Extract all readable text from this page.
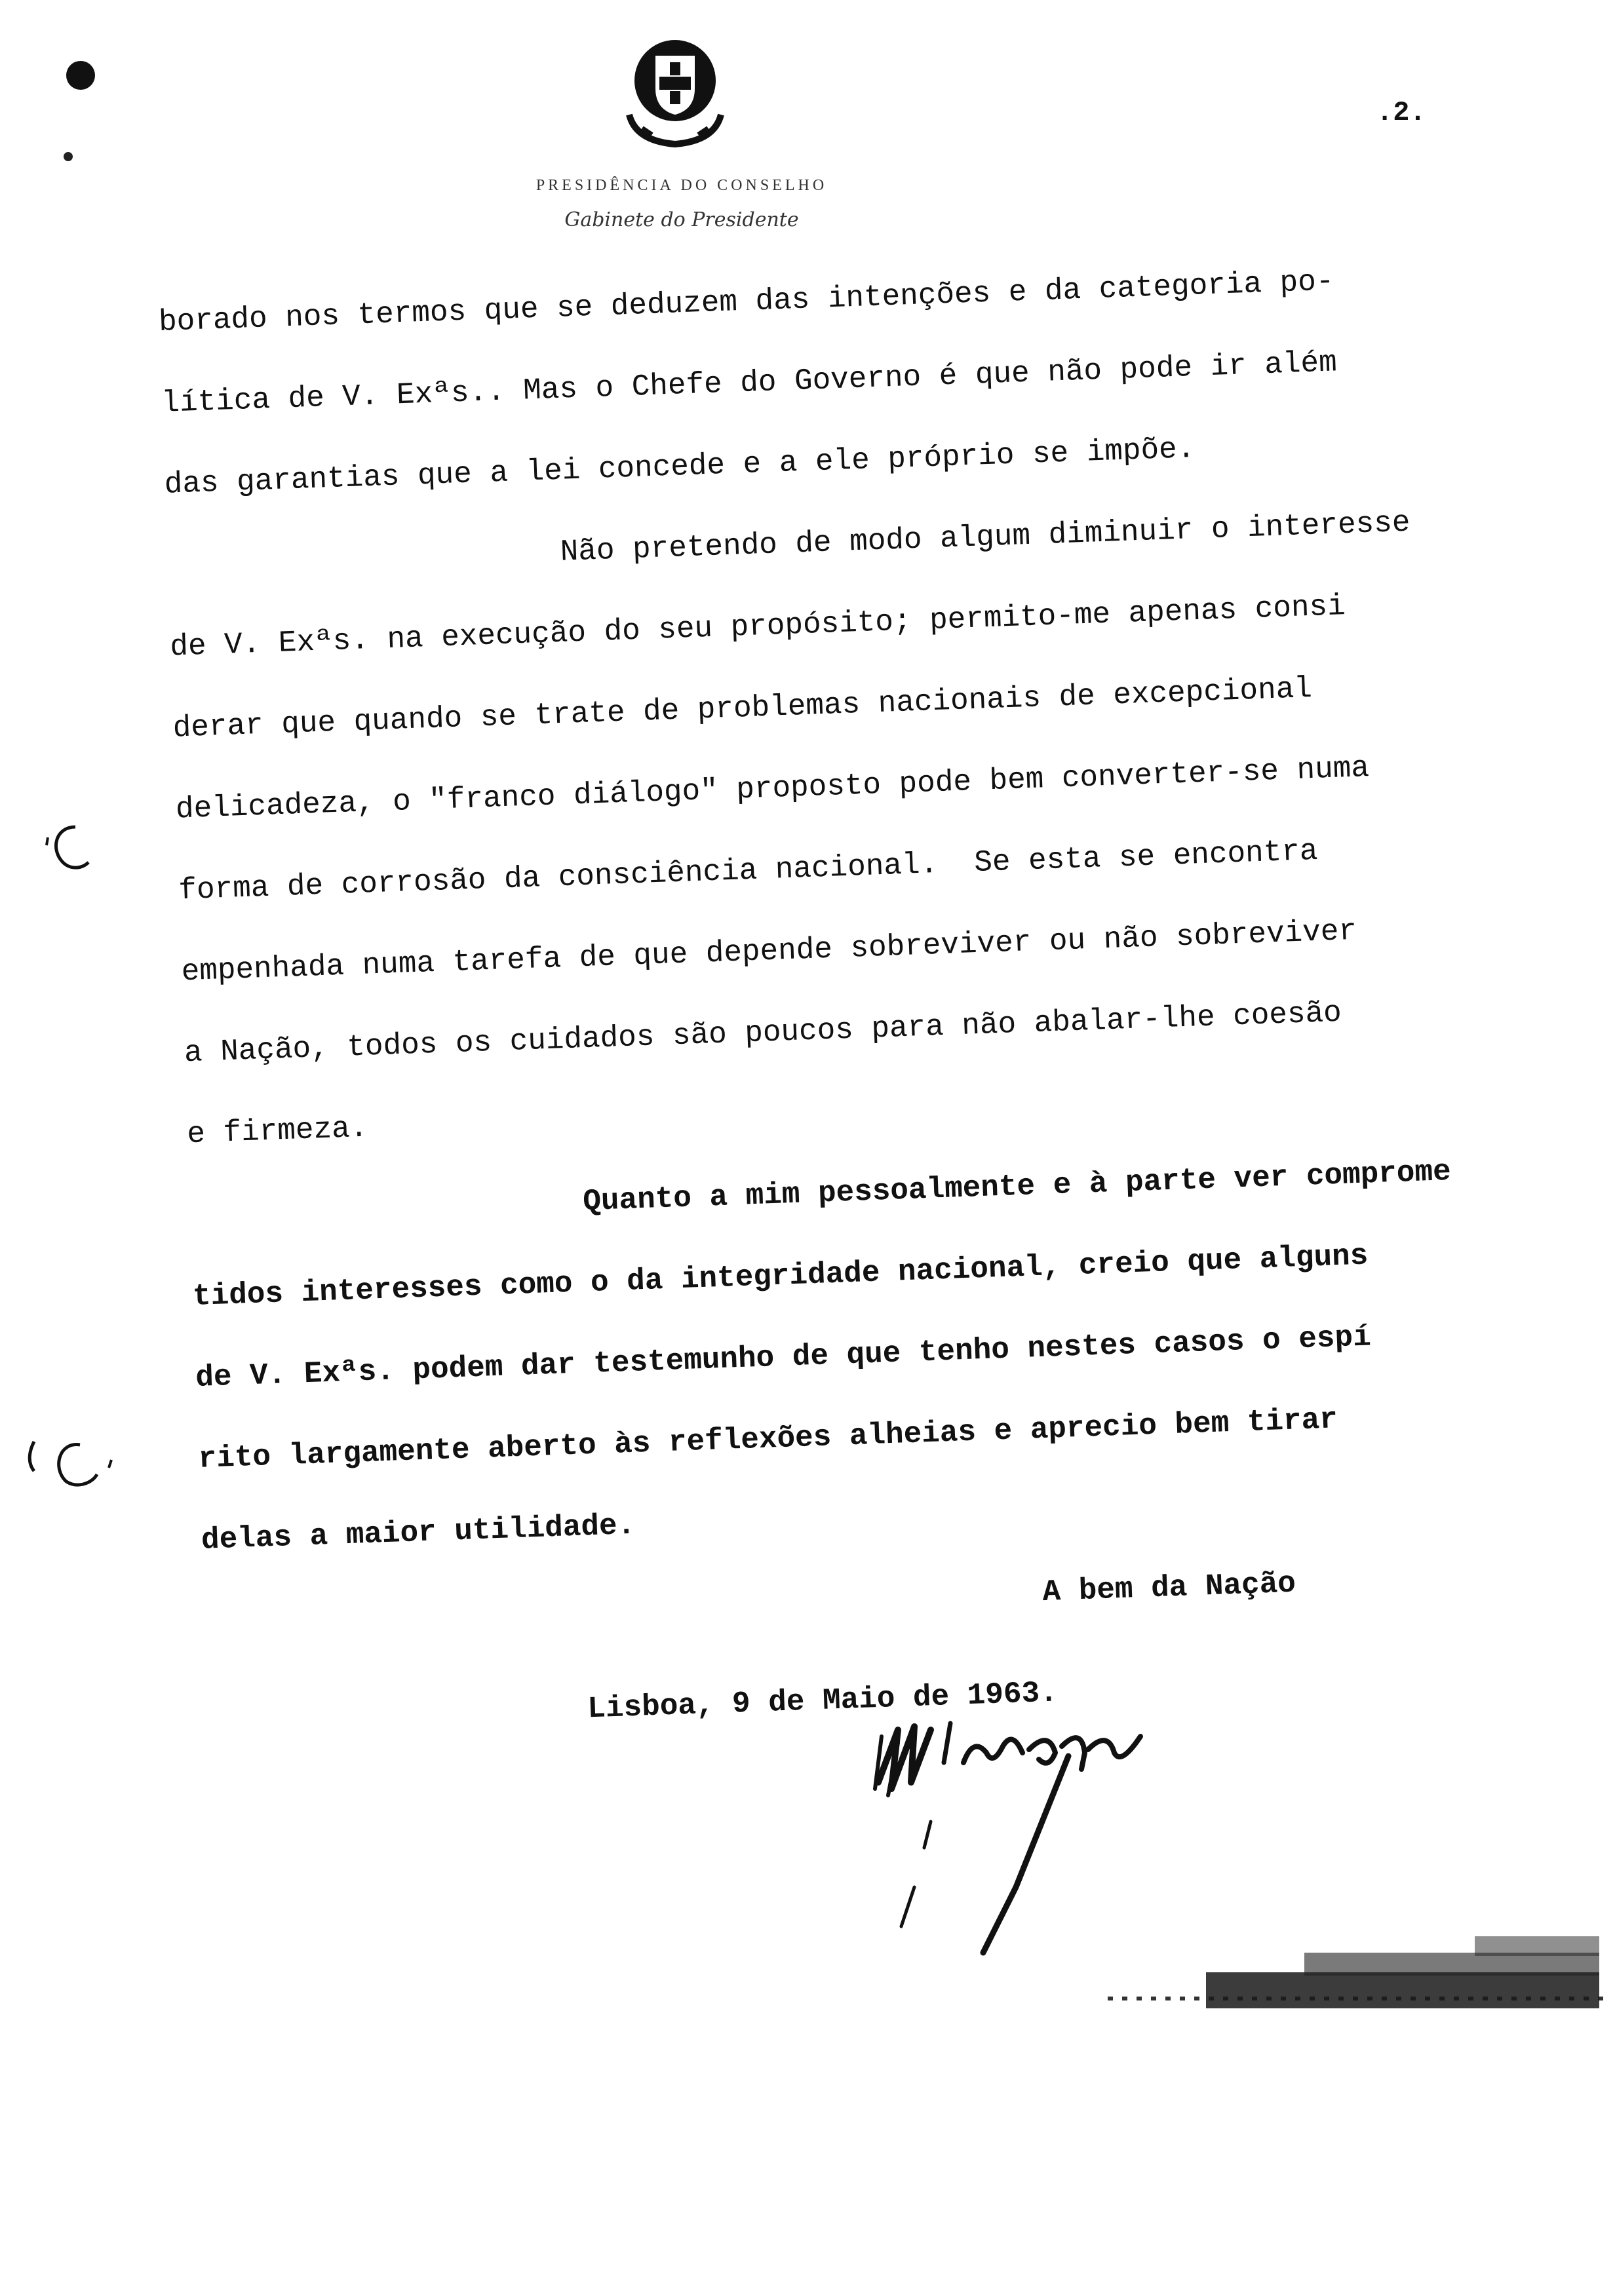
PRESIDÊNCIA DO CONSELHO
Gabinete do Presidente
.2.
borado nos termos que se deduzem das intenções e da categoria po-
lítica de V. Exªs.. Mas o Chefe do Governo é que não pode ir além
das garantias que a lei concede e a ele próprio se impõe.
Não pretendo de modo algum diminuir o interesse
de V. Exªs. na execução do seu propósito; permito-me apenas consi
derar que quando se trate de problemas nacionais de excepcional
delicadeza, o "franco diálogo" proposto pode bem converter-se numa
forma de corrosão da consciência nacional.  Se esta se encontra
empenhada numa tarefa de que depende sobreviver ou não sobreviver
a Nação, todos os cuidados são poucos para não abalar-lhe coesão
e firmeza.
Quanto a mim pessoalmente e à parte ver comprome
tidos interesses como o da integridade nacional, creio que alguns
de V. Exªs. podem dar testemunho de que tenho nestes casos o espí
rito largamente aberto às reflexões alheias e aprecio bem tirar
delas a maior utilidade.
A bem da Nação
Lisboa, 9 de Maio de 1963.
